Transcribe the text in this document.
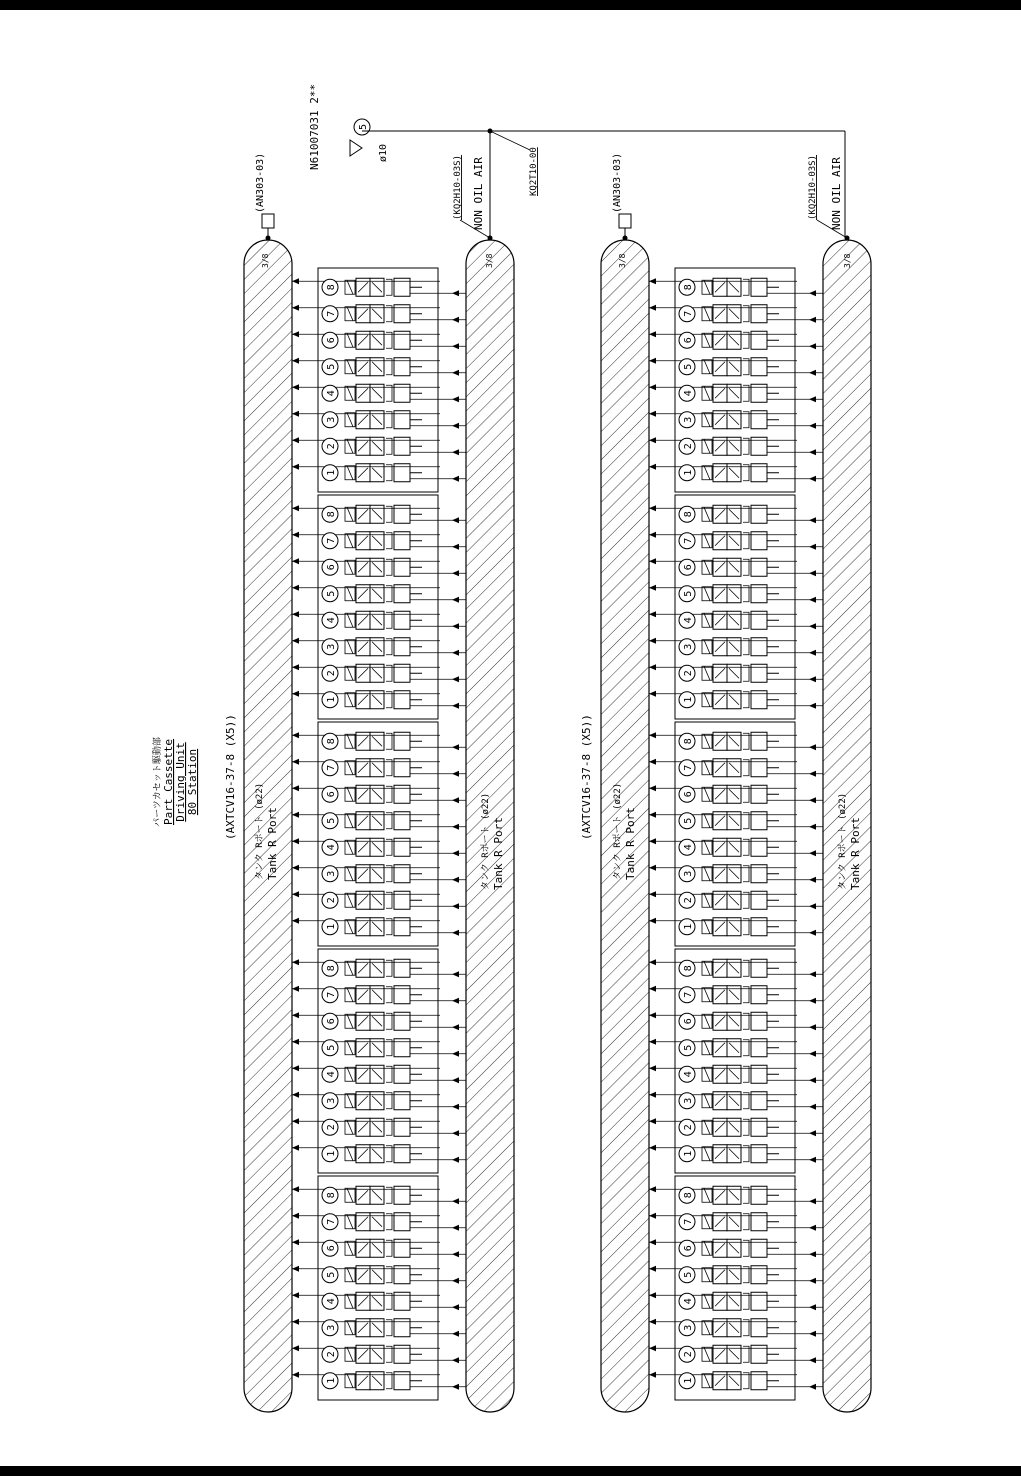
パーツカセット駆動部 Part Cassette Driving Unit 80 Station
N61007031 2**	5
ø10	KQ2T10-00
1
2
3
4
5
6
7
8
1
2
3
4
5
6
7
8
1
2
3
4
5
6
7
8
1
2
3
4
5
6
7
8
1
2
3
4
5
6
7
8
1
2
3
4
5
6
7
8
1
2
3
4
5
6
7
8
1
2
3
4
5
6
7
8
1
2
3
4
5
6
7
8
1
2
3
4
5
6
7
8
(AN303-03)
3/8
(KQ2H10-03S) NON OIL AIR
3/8
(AXTCV16-37-8 (X5)) タンク Rポート (ø22) Tank R Port	タンク Rポート (ø22) Tank R Port
(AN303-03)
3/8
(KQ2H10-03S) NON OIL AIR
3/8
(AXTCV16-37-8 (X5)) タンク Rポート (ø22) Tank R Port	タンク Rポート (ø22) Tank R Port
